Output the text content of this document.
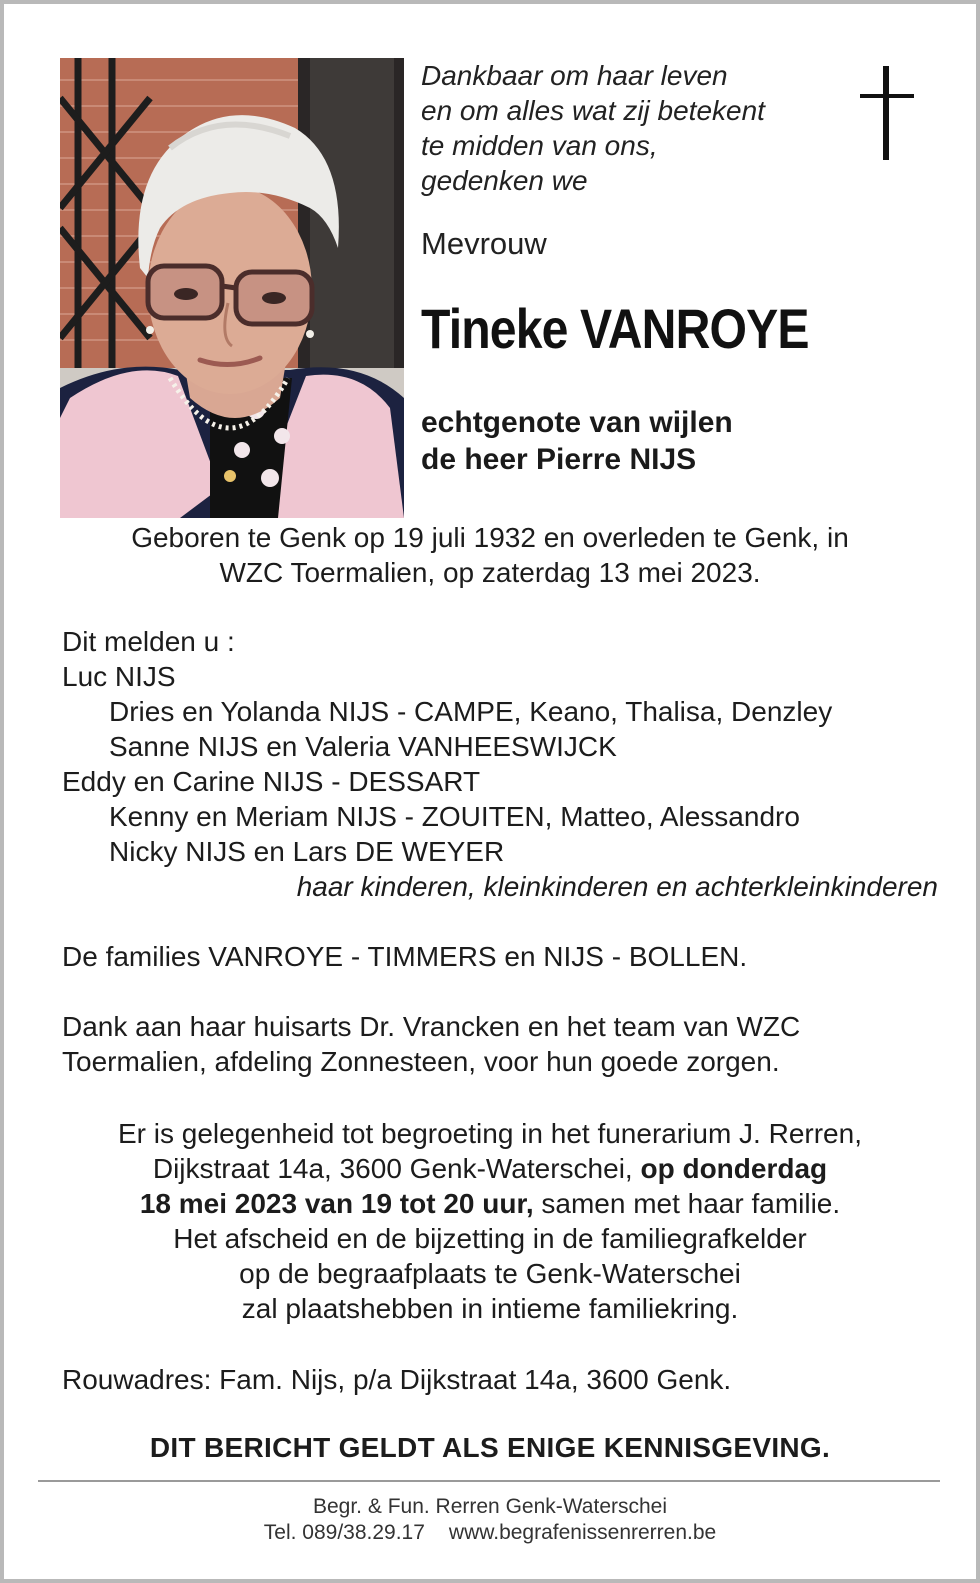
Dankbaar om haar leven
en om alles wat zij betekent
te midden van ons,
gedenken we
Mevrouw
Tineke VANROYE
echtgenote van wijlen
de heer Pierre NIJS
Geboren te Genk op 19 juli 1932 en overleden te Genk, in
WZC Toermalien, op zaterdag 13 mei 2023.
Dit melden u :
Luc NIJS
Dries en Yolanda NIJS - CAMPE, Keano, Thalisa, Denzley
Sanne NIJS en Valeria VANHEESWIJCK
Eddy en Carine NIJS - DESSART
Kenny en Meriam NIJS - ZOUITEN, Matteo, Alessandro
Nicky NIJS en Lars DE WEYER
haar kinderen, kleinkinderen en achterkleinkinderen
De families VANROYE - TIMMERS en NIJS - BOLLEN.
Dank aan haar huisarts Dr. Vrancken en het team van WZC
Toermalien, afdeling Zonnesteen, voor hun goede zorgen.
Er is gelegenheid tot begroeting in het funerarium J. Rerren,
Dijkstraat 14a, 3600 Genk-Waterschei, op donderdag
18 mei 2023 van 19 tot 20 uur, samen met haar familie.
Het afscheid en de bijzetting in de familiegrafkelder
op de begraafplaats te Genk-Waterschei
zal plaatshebben in intieme familiekring.
Rouwadres: Fam. Nijs, p/a Dijkstraat 14a, 3600 Genk.
DIT BERICHT GELDT ALS ENIGE KENNISGEVING.
Begr. & Fun. Rerren Genk-Waterschei
Tel. 089/38.29.17 www.begrafenissenrerren.be
